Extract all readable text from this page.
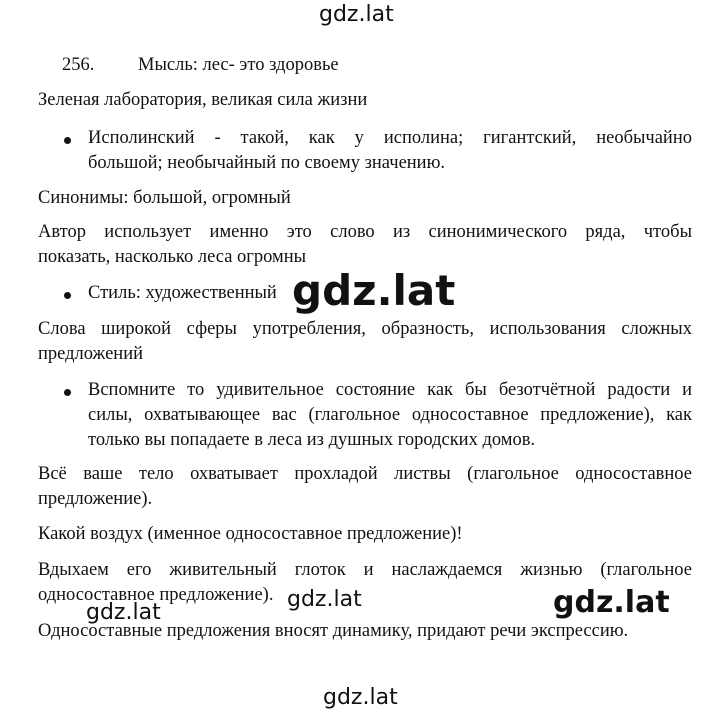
gdz.lat
256. Мысль: лес- это здоровье
Зеленая лаборатория, великая сила жизни
Исполинский - такой, как у исполина; гигантский, необычайно
большой; необычайный по своему значению.
Синонимы: большой, огромный
Автор использует именно это слово из синонимического ряда, чтобы
показать, насколько леса огромны
Стиль: художественный
Слова широкой сферы употребления, образность, использования сложных
предложений
Вспомните то удивительное состояние как бы безотчётной радости и
силы, охватывающее вас (глагольное односоставное предложение), как
только вы попадаете в леса из душных городских домов.
Всё ваше тело охватывает прохладой листвы (глагольное односоставное
предложение).
Какой воздух (именное односоставное предложение)!
Вдыхаем его живительный глоток и наслаждаемся жизнью (глагольное
односоставное предложение).
Односоставные предложения вносят динамику, придают речи экспрессию.
gdz.lat
gdz.lat
gdz.lat	gdz.lat
gdz.lat
